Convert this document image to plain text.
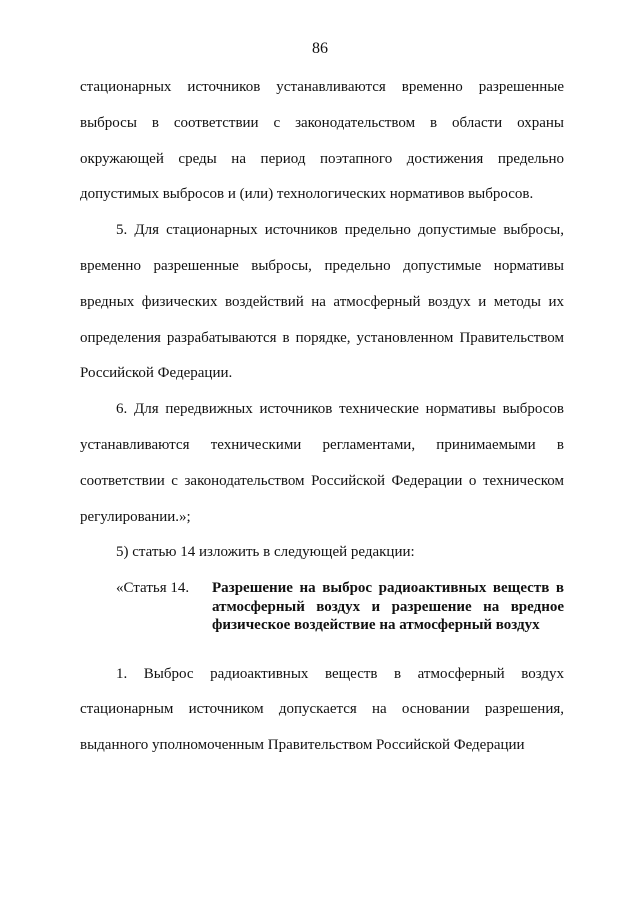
86

стационарных источников устанавливаются временно разрешенные выбросы в соответствии с законодательством в области охраны окружающей среды на период поэтапного достижения предельно допустимых выбросов и (или) технологических нормативов выбросов.

5. Для стационарных источников предельно допустимые выбросы, временно разрешенные выбросы, предельно допустимые нормативы вредных физических воздействий на атмосферный воздух и методы их определения разрабатываются в порядке, установленном Правительством Российской Федерации.

6. Для передвижных источников технические нормативы выбросов устанавливаются техническими регламентами, принимаемыми в соответствии с законодательством Российской Федерации о техническом регулировании.»;

5) статью 14 изложить в следующей редакции:

«Статья 14.	Разрешение на выброс радиоактивных веществ в атмосферный воздух и разрешение на вредное физическое воздействие на атмосферный воздух

1. Выброс радиоактивных веществ в атмосферный воздух стационарным источником допускается на основании разрешения, выданного уполномоченным Правительством Российской Федерации
